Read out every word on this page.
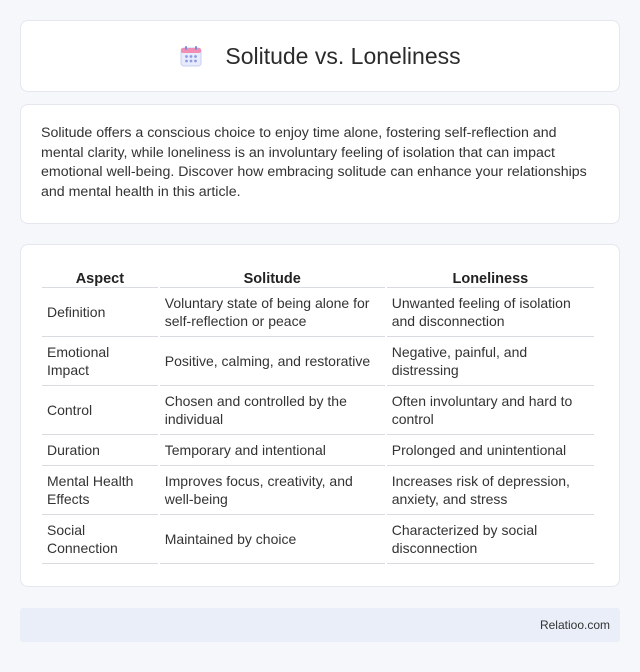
Solitude vs. Loneliness

Solitude offers a conscious choice to enjoy time alone, fostering self-reflection and mental clarity, while loneliness is an involuntary feeling of isolation that can impact emotional well-being. Discover how embracing solitude can enhance your relationships and mental health in this article.

Aspect	Solitude	Loneliness
Definition	Voluntary state of being alone for self-reflection or peace	Unwanted feeling of isolation and disconnection
Emotional Impact	Positive, calming, and restorative	Negative, painful, and distressing
Control	Chosen and controlled by the individual	Often involuntary and hard to control
Duration	Temporary and intentional	Prolonged and unintentional
Mental Health Effects	Improves focus, creativity, and well-being	Increases risk of depression, anxiety, and stress
Social Connection	Maintained by choice	Characterized by social disconnection
Relatioo.com
